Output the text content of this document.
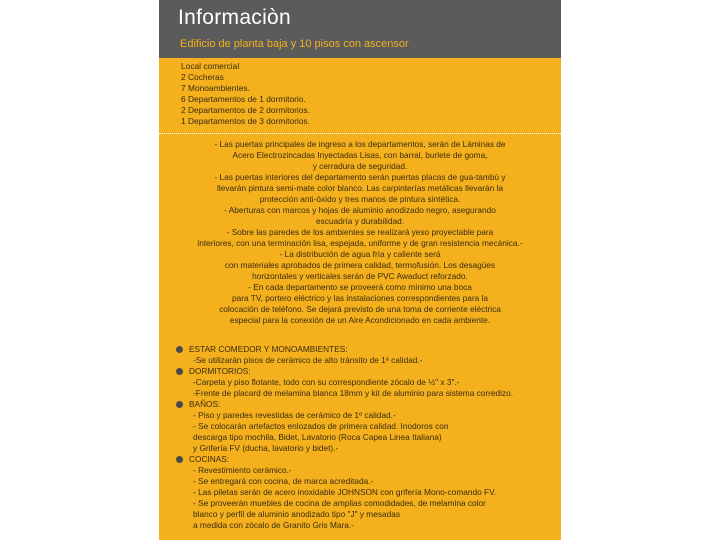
Informaciòn
Edificio de planta baja y 10 pisos con ascensor
Local comercial
2 Cocheras
7 Monoambientes.
6 Departamentos de 1 dormitorio.
2 Departamentos de 2 dormitorios.
1 Departamentos de 3 dormitorios.
- Las puertas principales de ingreso a los departamentos, serán de Láminas de
Acero Electrozincadas Inyectadas Lisas, con barral, burlete de goma,
y cerradura de seguridad.
- Las puertas interiores del departamento serán puertas placas de gua-tambú y
llevarán pintura semi-mate color blanco. Las carpinterías metálicas llevarán la
protección anti-óxido y tres manos de pintura sintética.
- Aberturas con marcos y hojas de aluminio anodizado negro, asegurando
escuadría y durabilidad.
- Sobre las paredes de los ambientes se realizará yeso proyectable para
interiores, con una terminación lisa, espejada, uniforme y de gran resistencia mecánica.-
- La distribución de agua fría y caliente será
con materiales aprobados de primera calidad, termofusión. Los desagües
horizontales y verticales serán de PVC Awaduct reforzado.
- En cada departamento se proveerá como mínimo una boca
para TV, portero eléctrico y las instalaciones correspondientes para la
colocación de teléfono. Se dejará previsto de una toma de corriente eléctrica
especial para la conexión de un Aire Acondicionado en cada ambiente.
ESTAR COMEDOR Y MONOAMBIENTES:
-Se utilizarán pisos de cerámico de alto tránsito de 1ª calidad.-
DORMITORIOS:
-Carpeta y piso flotante, todo con su correspondiente zócalo de ½" x 3".-
-Frente de placard de melamina blanca 18mm y kit de aluminio para sistema corredizo.
BAÑOS:
- Piso y paredes revestidas de cerámico de 1º calidad.-
- Se colocarán artefactos enlozados de primera calidad. Inodoros con
descarga tipo mochila, Bidet, Lavatorio (Roca Capea Linea Italiana)
y Grifería FV (ducha, lavatorio y bidet).-
COCINAS:
- Revestimiento cerámico.-
- Se entregará con cocina, de marca acreditada.-
- Las piletas serán de acero inoxidable JOHNSON con grifería Mono-comando FV.
- Se proveerán muebles de cocina de amplias comodidades, de melamina color
blanco y perfil de aluminio anodizado tipo "J" y mesadas
a medida con zócalo de Granito Gris Mara.-
